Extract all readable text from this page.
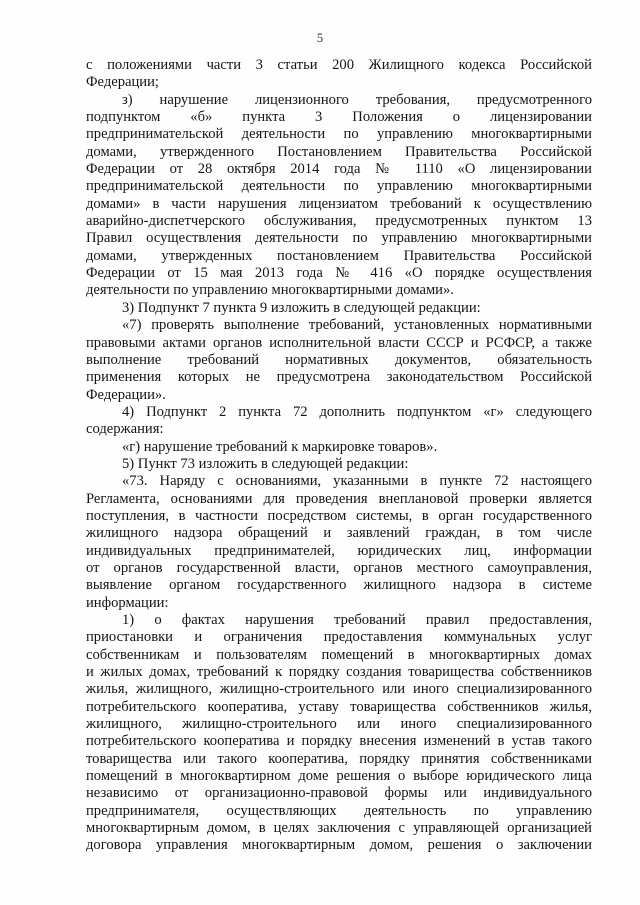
5
с положениями части 3 статьи 200 Жилищного кодекса Российской
Федерации;
з) нарушение лицензионного требования, предусмотренного
подпунктом «б» пункта 3 Положения о лицензировании
предпринимательской деятельности по управлению многоквартирными
домами, утвержденного Постановлением Правительства Российской
Федерации от 28 октября 2014 года № 1110 «О лицензировании
предпринимательской деятельности по управлению многоквартирными
домами» в части нарушения лицензиатом требований к осуществлению
аварийно-диспетчерского обслуживания, предусмотренных пунктом 13
Правил осуществления деятельности по управлению многоквартирными
домами, утвержденных постановлением Правительства Российской
Федерации от 15 мая 2013 года № 416 «О порядке осуществления
деятельности по управлению многоквартирными домами».
3) Подпункт 7 пункта 9 изложить в следующей редакции:
«7) проверять выполнение требований, установленных нормативными
правовыми актами органов исполнительной власти СССР и РСФСР, а также
выполнение требований нормативных документов, обязательность
применения которых не предусмотрена законодательством Российской
Федерации».
4) Подпункт 2 пункта 72 дополнить подпунктом «г» следующего
содержания:
«г) нарушение требований к маркировке товаров».
5) Пункт 73 изложить в следующей редакции:
«73. Наряду с основаниями, указанными в пункте 72 настоящего
Регламента, основаниями для проведения внеплановой проверки является
поступления, в частности посредством системы, в орган государственного
жилищного надзора обращений и заявлений граждан, в том числе
индивидуальных предпринимателей, юридических лиц, информации
от органов государственной власти, органов местного самоуправления,
выявление органом государственного жилищного надзора в системе
информации:
1) о фактах нарушения требований правил предоставления,
приостановки и ограничения предоставления коммунальных услуг
собственникам и пользователям помещений в многоквартирных домах
и жилых домах, требований к порядку создания товарищества собственников
жилья, жилищного, жилищно-строительного или иного специализированного
потребительского кооператива, уставу товарищества собственников жилья,
жилищного, жилищно-строительного или иного специализированного
потребительского кооператива и порядку внесения изменений в устав такого
товарищества или такого кооператива, порядку принятия собственниками
помещений в многоквартирном доме решения о выборе юридического лица
независимо от организационно-правовой формы или индивидуального
предпринимателя, осуществляющих деятельность по управлению
многоквартирным домом, в целях заключения с управляющей организацией
договора управления многоквартирным домом, решения о заключении
